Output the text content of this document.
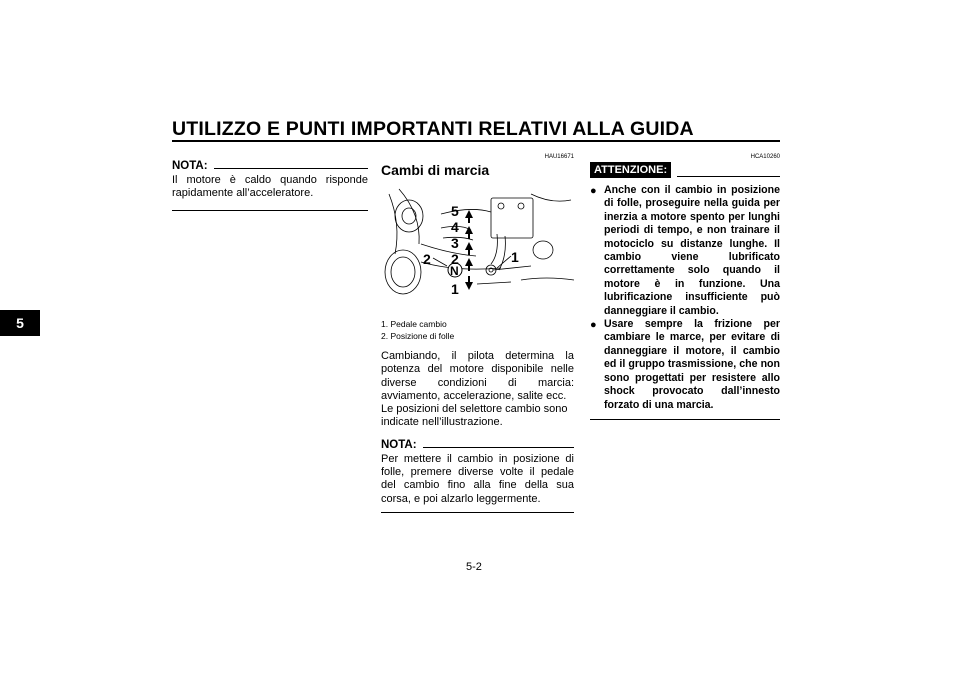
UTILIZZO E PUNTI IMPORTANTI RELATIVI ALLA GUIDA
5
NOTA:
Il motore è caldo quando risponde rapidamente all’acceleratore.
HAU16671
Cambi di marcia
5
4
3
2
N
1
2	1
1. Pedale cambio
2. Posizione di folle
Cambiando, il pilota determina la potenza del motore disponibile nelle diverse condizioni di marcia: avviamento, accelerazione, salite ecc.
Le posizioni del selettore cambio sono indicate nell’illustrazione.
NOTA:
Per mettere il cambio in posizione di folle, premere diverse volte il pedale del cambio fino alla fine della sua corsa, e poi alzarlo leggermente.
HCA10260
ATTENZIONE:
● Anche con il cambio in posizione di folle, proseguire nella guida per inerzia a motore spento per lunghi periodi di tempo, e non trainare il motociclo su distanze lunghe. Il cambio viene lubrificato correttamente solo quando il motore è in funzione. Una lubrificazione insufficiente può danneggiare il cambio.
● Usare sempre la frizione per cambiare le marce, per evitare di danneggiare il motore, il cambio ed il gruppo trasmissione, che non sono progettati per resistere allo shock provocato dall’innesto forzato di una marcia.
5-2
